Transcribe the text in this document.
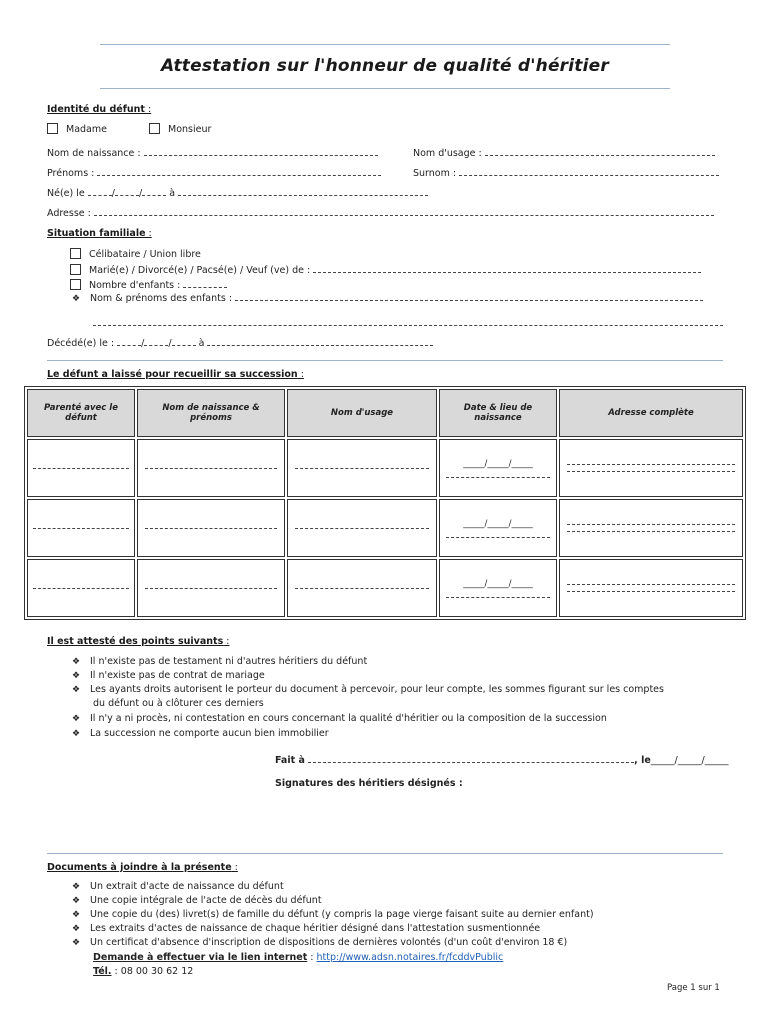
Attestation sur l'honneur de qualité d'héritier
Identité du défunt :
Madame	Monsieur
Nom de naissance :	Nom d'usage :
Prénoms :	Surnom :
Né(e) le	/	/	à
Adresse :
Situation familiale :
Célibataire / Union libre
Marié(e) / Divorcé(e) / Pacsé(e) / Veuf (ve) de :
Nombre d'enfants :
❖ Nom & prénoms des enfants :
Décédé(e) le :	/	/	à
Le défunt a laissé pour recueillir sa succession :
Parenté avec le défunt	Nom de naissance & prénoms	Nom d'usage	Date & lieu de naissance	Adresse complète

			_____/_____/_____	

			_____/_____/_____	

			_____/_____/_____	

Il est attesté des points suivants :
❖ Il n'existe pas de testament ni d'autres héritiers du défunt
❖ Il n'existe pas de contrat de mariage
❖ Les ayants droits autorisent le porteur du document à percevoir, pour leur compte, les sommes figurant sur les comptes
du défunt ou à clôturer ces derniers
❖ Il n'y a ni procès, ni contestation en cours concernant la qualité d'héritier ou la composition de la succession
❖ La succession ne comporte aucun bien immobilier
Fait à	, le_____/_____/_____
Signatures des héritiers désignés :
Documents à joindre à la présente :
❖ Un extrait d'acte de naissance du défunt
❖ Une copie intégrale de l'acte de décès du défunt
❖ Une copie du (des) livret(s) de famille du défunt (y compris la page vierge faisant suite au dernier enfant)
❖ Les extraits d'actes de naissance de chaque héritier désigné dans l'attestation susmentionnée
❖ Un certificat d'absence d'inscription de dispositions de dernières volontés (d'un coût d'environ 18 €)
Demande à effectuer via le lien internet : http://www.adsn.notaires.fr/fcddvPublic
Tél. : 08 00 30 62 12
Page 1 sur 1
